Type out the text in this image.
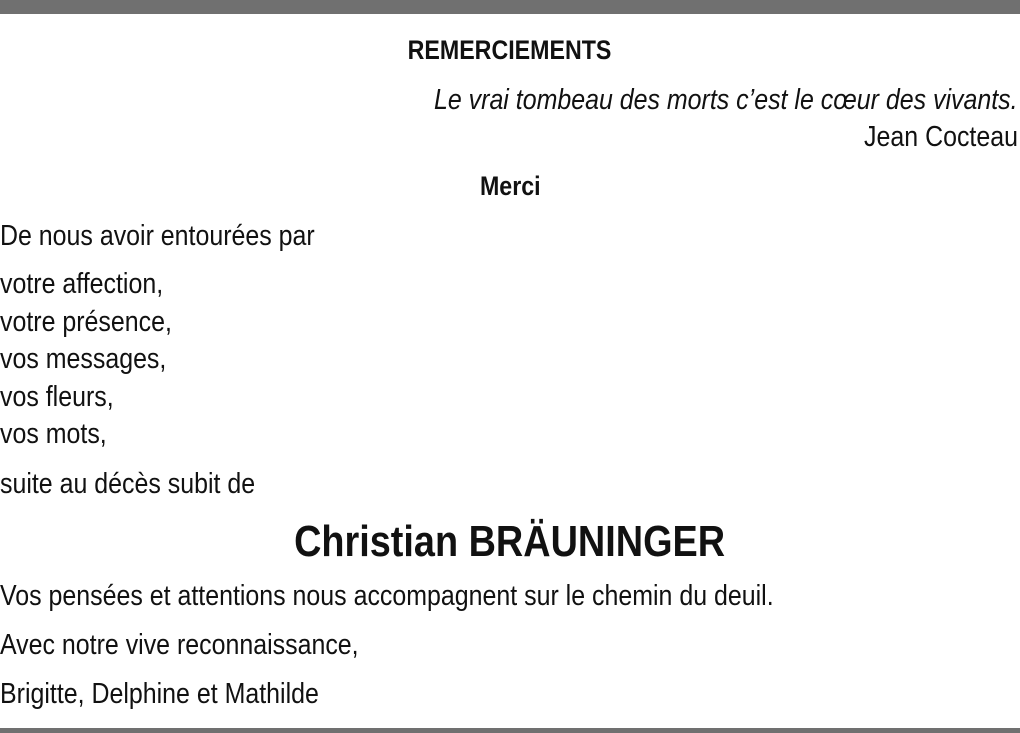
REMERCIEMENTS
Le vrai tombeau des morts c’est le cœur des vivants.
Jean Cocteau
Merci
De nous avoir entourées par
votre affection,
votre présence,
vos messages,
vos fleurs,
vos mots,
suite au décès subit de
Christian BRÄUNINGER
Vos pensées et attentions nous accompagnent sur le chemin du deuil.
Avec notre vive reconnaissance,
Brigitte, Delphine et Mathilde
